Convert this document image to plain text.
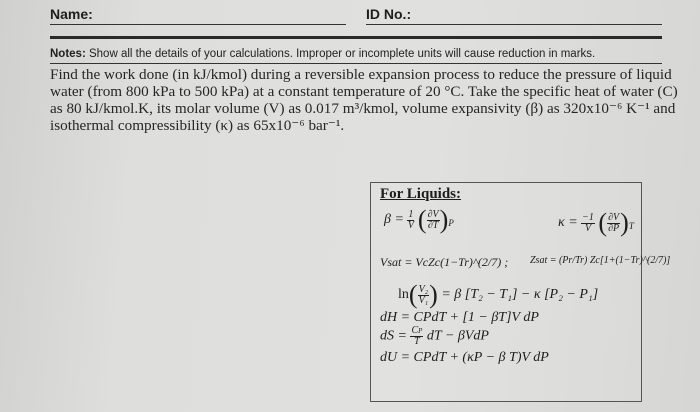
Name:	ID No.:
Notes: Show all the details of your calculations. Improper or incomplete units will cause reduction in marks.
Find the work done (in kJ/kmol) during a reversible expansion process to reduce the pressure of liquid
water (from 800 kPa to 500 kPa) at a constant temperature of 20 °C. Take the specific heat of water (C)
as 80 kJ/kmol.K, its molar volume (V) as 0.017 m³/kmol, volume expansivity (β) as 320x10⁻⁶ K⁻¹ and
isothermal compressibility (κ) as 65x10⁻⁶ bar⁻¹.
For Liquids:
$\beta = \frac{1}{V}$ ( $\frac{\partial V}{\partial T} )_P$	$\kappa = \frac{-1}{V}$ ( $\frac{\partial V}{\partial P} )_T$
Vsat = VcZc(1−Tr)^(2/7) ; Zsat = (Pr/Tr) Zc[1+(1−Tr)^(2/7)]
$\ln( \frac{\text{V₂}}{\text{V₁}}$ ) = β [T₂ − T₁] − κ [P₂ − P₁]
dH = CPdT + [1 − βT]V dP
dS = $\frac{CP}{T}$ dT − βVdP
dU = CPdT + (κP − β T)V dP
